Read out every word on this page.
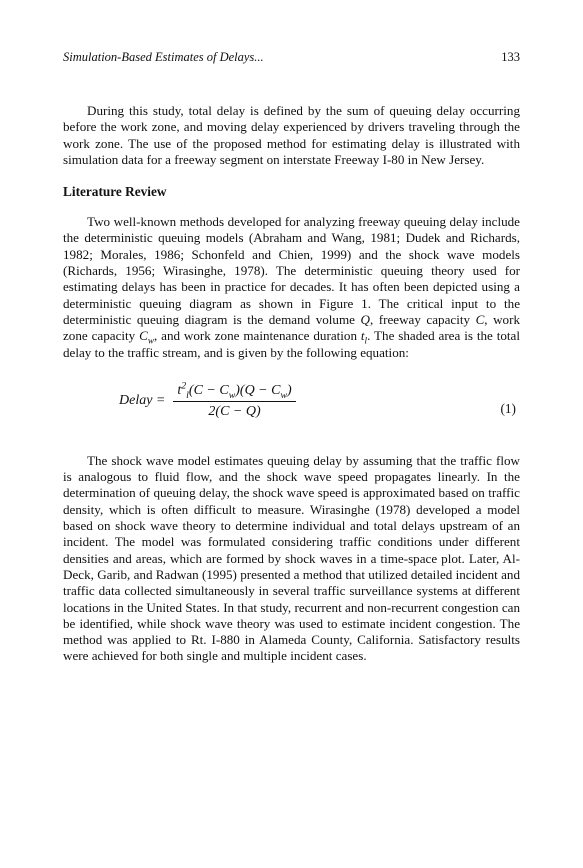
Simulation-Based Estimates of Delays...	133

During this study, total delay is defined by the sum of queuing delay occurring before the work zone, and moving delay experienced by drivers traveling through the work zone. The use of the proposed method for estimating delay is illustrated with simulation data for a freeway segment on interstate Freeway I-80 in New Jersey.

Literature Review

Two well-known methods developed for analyzing freeway queuing delay include the deterministic queuing models (Abraham and Wang, 1981; Dudek and Richards, 1982; Morales, 1986; Schonfeld and Chien, 1999) and the shock wave models (Richards, 1956; Wirasinghe, 1978). The deterministic queuing theory used for estimating delays has been in practice for decades. It has often been depicted using a deterministic queuing diagram as shown in Figure 1. The critical input to the deterministic queuing diagram is the demand volume Q, freeway capacity C, work zone capacity $C_w$, and work zone maintenance duration $t_l$. The shaded area is the total delay to the traffic stream, and is given by the following equation:

Delay = $\frac{t^2_l(C - C_w)(Q - C_w)}{2(C - Q)}$	(1)

The shock wave model estimates queuing delay by assuming that the traffic flow is analogous to fluid flow, and the shock wave speed propagates linearly. In the determination of queuing delay, the shock wave speed is approximated based on traffic density, which is often difficult to measure. Wirasinghe (1978) developed a model based on shock wave theory to determine individual and total delays upstream of an incident. The model was formulated considering traffic conditions under different densities and areas, which are formed by shock waves in a time-space plot. Later, Al-Deck, Garib, and Radwan (1995) presented a method that utilized detailed incident and traffic data collected simultaneously in several traffic surveillance systems at different locations in the United States. In that study, recurrent and non-recurrent congestion can be identified, while shock wave theory was used to estimate incident congestion. The method was applied to Rt. I-880 in Alameda County, California. Satisfactory results were achieved for both single and multiple incident cases.
